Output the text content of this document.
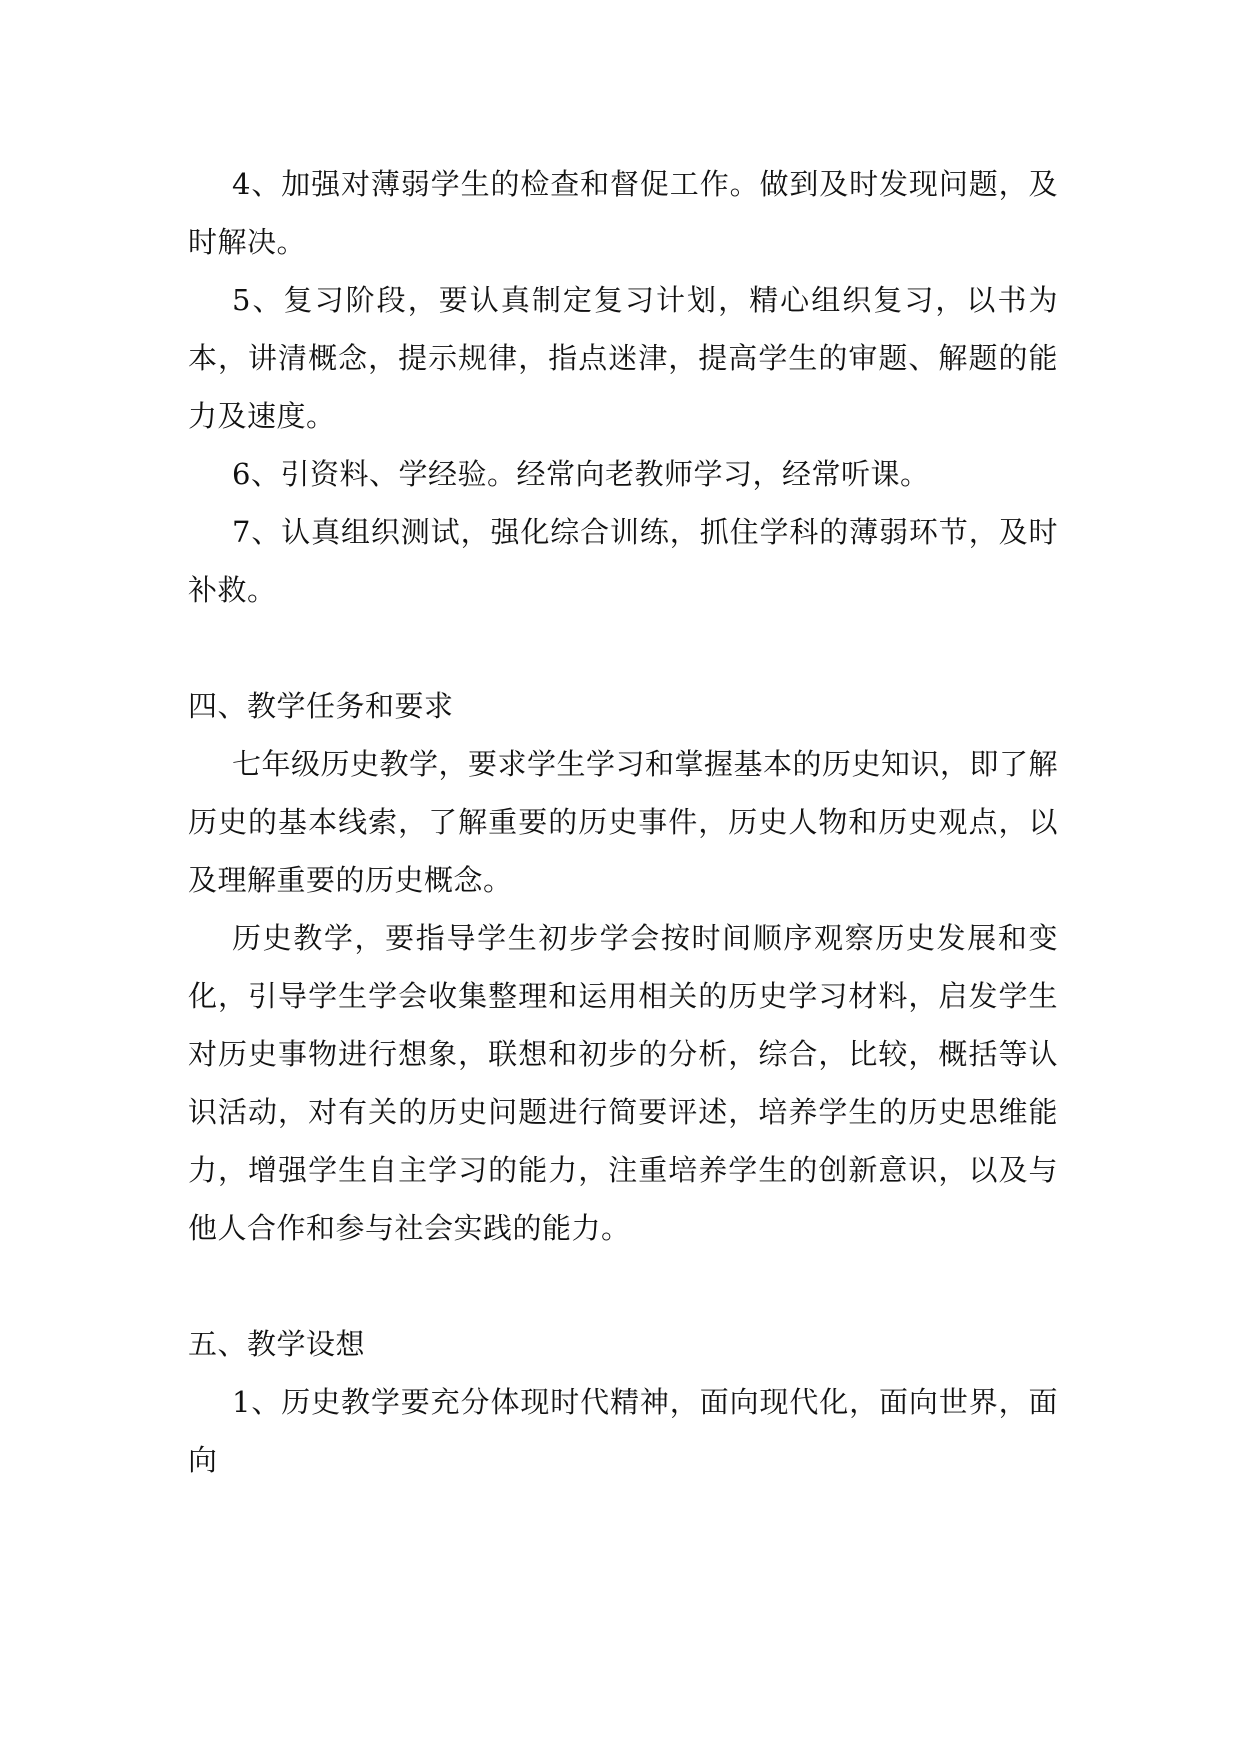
4、加强对薄弱学生的检查和督促工作。做到及时发现问题，及时解决。

5、复习阶段，要认真制定复习计划，精心组织复习，以书为本，讲清概念，提示规律，指点迷津，提高学生的审题、解题的能力及速度。

6、引资料、学经验。经常向老教师学习，经常听课。

7、认真组织测试，强化综合训练，抓住学科的薄弱环节，及时补救。

四、教学任务和要求

七年级历史教学，要求学生学习和掌握基本的历史知识，即了解历史的基本线索，了解重要的历史事件，历史人物和历史观点，以及理解重要的历史概念。

历史教学，要指导学生初步学会按时间顺序观察历史发展和变化，引导学生学会收集整理和运用相关的历史学习材料，启发学生对历史事物进行想象，联想和初步的分析，综合，比较，概括等认识活动，对有关的历史问题进行简要评述，培养学生的历史思维能力，增强学生自主学习的能力，注重培养学生的创新意识，以及与他人合作和参与社会实践的能力。

五、教学设想

1、历史教学要充分体现时代精神，面向现代化，面向世界，面向
